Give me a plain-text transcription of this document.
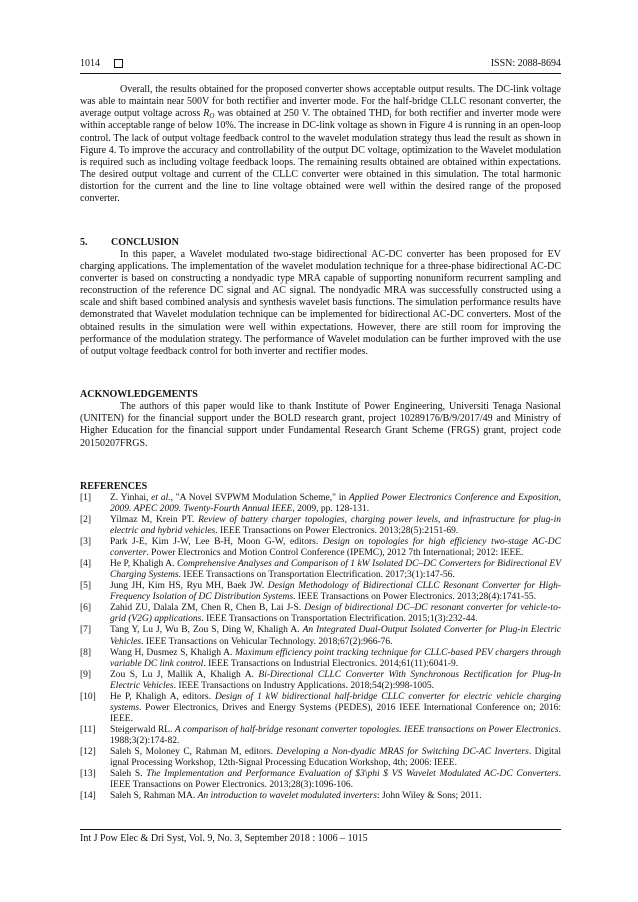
1014	ISSN: 2088-8694

Overall, the results obtained for the proposed converter shows acceptable output results. The DC-link voltage was able to maintain near 500V for both rectifier and inverter mode. For the half-bridge CLLC resonant converter, the average output voltage across $R_O$ was obtained at 250 V. The obtained $THD_i$ for both rectifier and inverter mode were within acceptable range of below 10%. The increase in DC-link voltage as shown in Figure 4 is running in an open-loop control. The lack of output voltage feedback control to the wavelet modulation strategy thus lead the result as shown in Figure 4. To improve the accuracy and controllability of the output DC voltage, optimization to the Wavelet modulation is required such as including voltage feedback loops. The remaining results obtained are obtained within expectations. The desired output voltage and current of the CLLC converter were obtained in this simulation. The total harmonic distortion for the current and the line to line voltage obtained were well within the desired range of the proposed converter.

5. CONCLUSION

In this paper, a Wavelet modulated two-stage bidirectional AC-DC converter has been proposed for EV charging applications. The implementation of the wavelet modulation technique for a three-phase bidirectional AC-DC converter is based on constructing a nondyadic type MRA capable of supporting nonuniform recurrent sampling and reconstruction of the reference DC signal and AC signal. The nondyadic MRA was successfully constructed using a scale and shift based combined analysis and synthesis wavelet basis functions. The simulation performance results have demonstrated that Wavelet modulation technique can be implemented for bidirectional AC-DC converters. Most of the obtained results in the simulation were well within expectations. However, there are still room for improving the performance of the modulation strategy. The performance of Wavelet modulation can be further improved with the use of output voltage feedback control for both inverter and rectifier modes.

ACKNOWLEDGEMENTS

The authors of this paper would like to thank Institute of Power Engineering, Universiti Tenaga Nasional (UNITEN) for the financial support under the BOLD research grant, project 10289176/B/9/2017/49 and Ministry of Higher Education for the financial support under Fundamental Research Grant Scheme (FRGS) grant, project code 20150207FRGS.

REFERENCES
[1] Z. Yinhai, et al., "A Novel SVPWM Modulation Scheme," in Applied Power Electronics Conference and Exposition, 2009. APEC 2009. Twenty-Fourth Annual IEEE, 2009, pp. 128-131.
[2] Yilmaz M, Krein PT. Review of battery charger topologies, charging power levels, and infrastructure for plug-in electric and hybrid vehicles. IEEE Transactions on Power Electronics. 2013;28(5):2151-69.
[3] Park J-E, Kim J-W, Lee B-H, Moon G-W, editors. Design on topologies for high efficiency two-stage AC-DC converter. Power Electronics and Motion Control Conference (IPEMC), 2012 7th International; 2012: IEEE.
[4] He P, Khaligh A. Comprehensive Analyses and Comparison of 1 kW Isolated DC–DC Converters for Bidirectional EV Charging Systems. IEEE Transactions on Transportation Electrification. 2017;3(1):147-56.
[5] Jung JH, Kim HS, Ryu MH, Baek JW. Design Methodology of Bidirectional CLLC Resonant Converter for High-Frequency Isolation of DC Distribution Systems. IEEE Transactions on Power Electronics. 2013;28(4):1741-55.
[6] Zahid ZU, Dalala ZM, Chen R, Chen B, Lai J-S. Design of bidirectional DC–DC resonant converter for vehicle-to-grid (V2G) applications. IEEE Transactions on Transportation Electrification. 2015;1(3):232-44.
[7] Tang Y, Lu J, Wu B, Zou S, Ding W, Khaligh A. An Integrated Dual-Output Isolated Converter for Plug-in Electric Vehicles. IEEE Transactions on Vehicular Technology. 2018;67(2):966-76.
[8] Wang H, Dusmez S, Khaligh A. Maximum efficiency point tracking technique for CLLC-based PEV chargers through variable DC link control. IEEE Transactions on Industrial Electronics. 2014;61(11):6041-9.
[9] Zou S, Lu J, Mallik A, Khaligh A. Bi-Directional CLLC Converter With Synchronous Rectification for Plug-In Electric Vehicles. IEEE Transactions on Industry Applications. 2018;54(2):998-1005.
[10] He P, Khaligh A, editors. Design of 1 kW bidirectional half-bridge CLLC converter for electric vehicle charging systems. Power Electronics, Drives and Energy Systems (PEDES), 2016 IEEE International Conference on; 2016: IEEE.
[11] Steigerwald RL. A comparison of half-bridge resonant converter topologies. IEEE transactions on Power Electronics. 1988;3(2):174-82.
[12] Saleh S, Moloney C, Rahman M, editors. Developing a Non-dyadic MRAS for Switching DC-AC Inverters. Digital ignal Processing Workshop, 12th-Signal Processing Education Workshop, 4th; 2006: IEEE.
[13] Saleh S. The Implementation and Performance Evaluation of $3\phi $ VS Wavelet Modulated AC-DC Converters. IEEE Transactions on Power Electronics. 2013;28(3):1096-106.
[14] Saleh S, Rahman MA. An introduction to wavelet modulated inverters: John Wiley & Sons; 2011.
Int J Pow Elec & Dri Syst, Vol. 9, No. 3, September 2018 : 1006 – 1015
